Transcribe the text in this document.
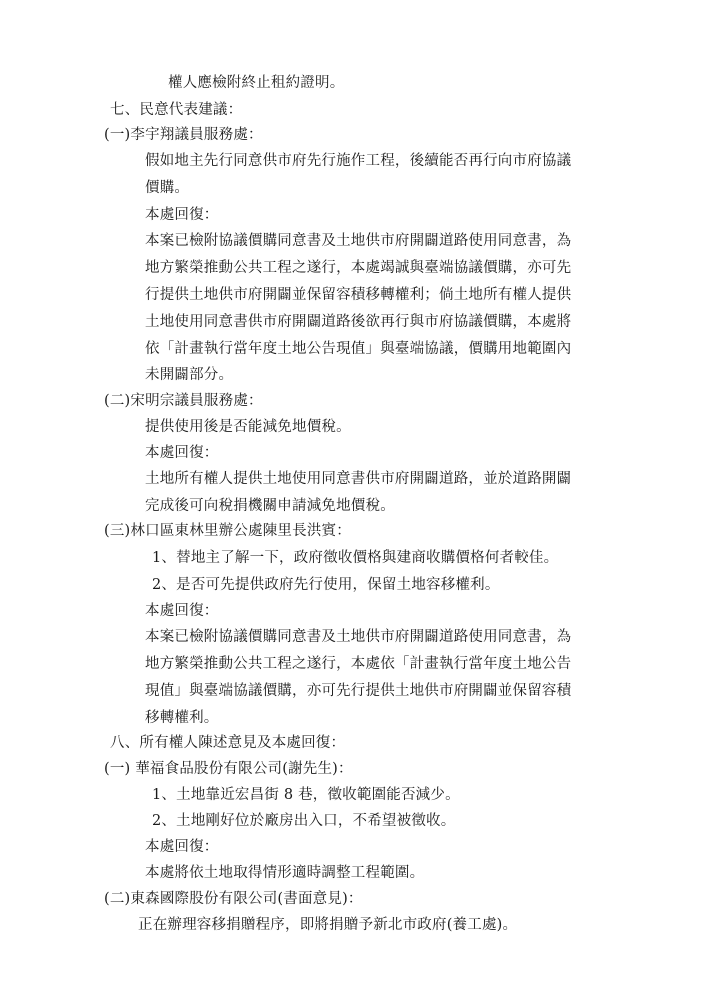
權人應檢附終止租約證明。
七、民意代表建議：
(一)李宇翔議員服務處：
假如地主先行同意供市府先行施作工程，後續能否再行向市府協議
價購。
本處回復：
本案已檢附協議價購同意書及土地供市府開闢道路使用同意書，為
地方繁榮推動公共工程之遂行，本處竭誠與臺端協議價購，亦可先
行提供土地供市府開闢並保留容積移轉權利；倘土地所有權人提供
土地使用同意書供市府開闢道路後欲再行與市府協議價購，本處將
依「計畫執行當年度土地公告現值」與臺端協議，價購用地範圍內
未開闢部分。
(二)宋明宗議員服務處：
提供使用後是否能減免地價稅。
本處回復：
土地所有權人提供土地使用同意書供市府開闢道路，並於道路開闢
完成後可向稅捐機關申請減免地價稅。
(三)林口區東林里辦公處陳里長洪賓：
1、替地主了解一下，政府徵收價格與建商收購價格何者較佳。
2、是否可先提供政府先行使用，保留土地容移權利。
本處回復：
本案已檢附協議價購同意書及土地供市府開闢道路使用同意書，為
地方繁榮推動公共工程之遂行，本處依「計畫執行當年度土地公告
現值」與臺端協議價購，亦可先行提供土地供市府開闢並保留容積
移轉權利。
八、所有權人陳述意見及本處回復：
(一) 華福食品股份有限公司(謝先生)：
1、土地靠近宏昌街 8 巷，徵收範圍能否減少。
2、土地剛好位於廠房出入口，不希望被徵收。
本處回復：
本處將依土地取得情形適時調整工程範圍。
(二)東森國際股份有限公司(書面意見)：
正在辦理容移捐贈程序，即將捐贈予新北市政府(養工處)。
